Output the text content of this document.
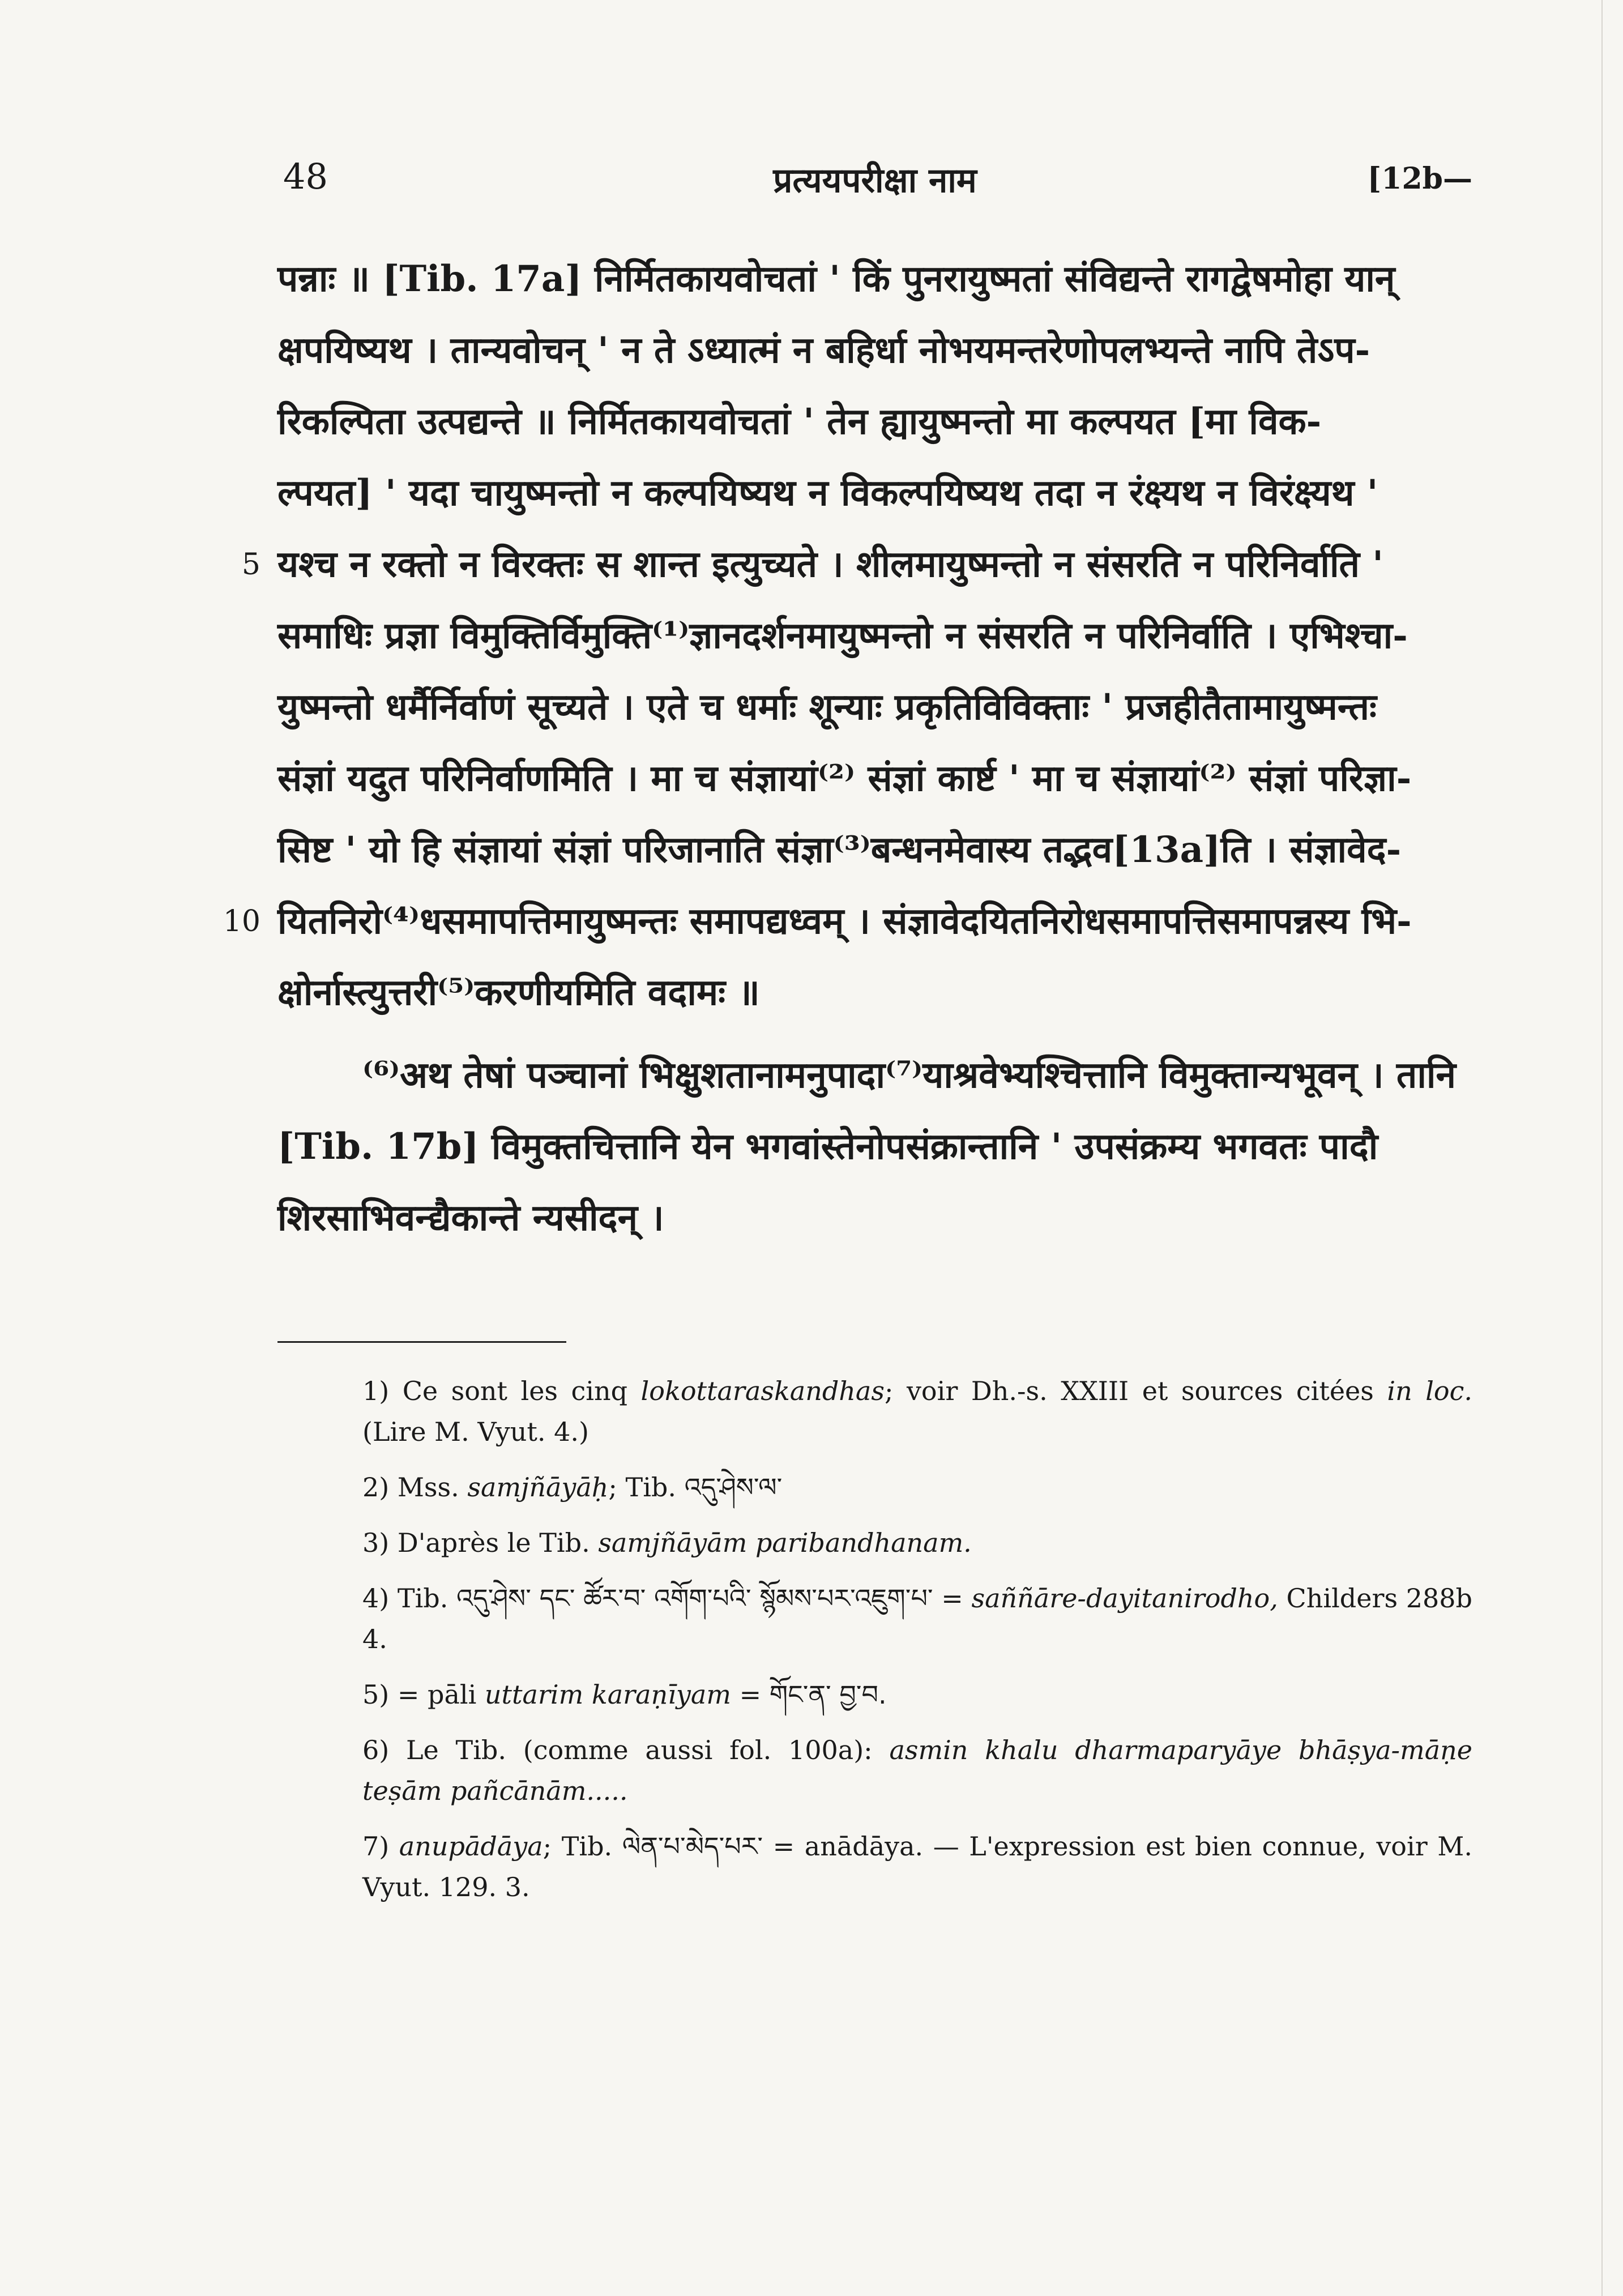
48	प्रत्ययपरीक्षा नाम	[12b—
पन्नाः ॥ [Tib. 17a] निर्मितकायवोचतां ' किं पुनरायुष्मतां संविद्यन्ते रागद्वेषमोहा यान्
क्षपयिष्यथ । तान्यवोचन् ' न ते ऽध्यात्मं न बहिर्धा नोभयमन्तरेणोपलभ्यन्ते नापि तेऽप-
रिकल्पिता उत्पद्यन्ते ॥ निर्मितकायवोचतां ' तेन ह्यायुष्मन्तो मा कल्पयत [मा विक-
ल्पयत] ' यदा चायुष्मन्तो न कल्पयिष्यथ न विकल्पयिष्यथ तदा न रंक्ष्यथ न विरंक्ष्यथ '
5 यश्च न रक्तो न विरक्तः स शान्त इत्युच्यते । शीलमायुष्मन्तो न संसरति न परिनिर्वाति '
समाधिः प्रज्ञा विमुक्तिर्विमुक्ति⁽¹⁾ज्ञानदर्शनमायुष्मन्तो न संसरति न परिनिर्वाति । एभिश्चा-
युष्मन्तो धर्मैर्निर्वाणं सूच्यते । एते च धर्माः शून्याः प्रकृतिविविक्ताः ' प्रजहीतैतामायुष्मन्तः
संज्ञां यदुत परिनिर्वाणमिति । मा च संज्ञायां⁽²⁾ संज्ञां कार्ष्ट ' मा च संज्ञायां⁽²⁾ संज्ञां परिज्ञा-
सिष्ट ' यो हि संज्ञायां संज्ञां परिजानाति संज्ञा⁽³⁾बन्धनमेवास्य तद्भव[13a]ति । संज्ञावेद-
10 यितनिरो⁽⁴⁾धसमापत्तिमायुष्मन्तः समापद्यध्वम् । संज्ञावेदयितनिरोधसमापत्तिसमापन्नस्य भि-
क्षोर्नास्त्युत्तरी⁽⁵⁾करणीयमिति वदामः ॥
⁽⁶⁾अथ तेषां पञ्चानां भिक्षुशतानामनुपादा⁽⁷⁾याश्रवेभ्यश्चित्तानि विमुक्तान्यभूवन् । तानि
[Tib. 17b] विमुक्तचित्तानि येन भगवांस्तेनोपसंक्रान्तानि ' उपसंक्रम्य भगवतः पादौ
शिरसाभिवन्द्यैकान्ते न्यसीदन् ।

1) Ce sont les cinq lokottaraskandhas; voir Dh.-s. XXIII et sources citées in loc. (Lire M. Vyut. 4.)

2) Mss. samjñāyāḥ; Tib. འདུ་ཤེས་ལ་

3) D'après le Tib. samjñāyām paribandhanam.

4) Tib. འདུ་ཤེས་ དང་ ཚོར་བ་ འགོག་པའི་ སྙོམས་པར་འཇུག་པ་ = saññāre-dayitanirodho, Childers 288b 4.

5) = pāli uttarim karaṇīyam = གོང་ན་ བྱ་བ.

6) Le Tib. (comme aussi fol. 100a): asmin khalu dharmaparyāye bhāṣya-māṇe teṣām pañcānām.....

7) anupādāya; Tib. ལེན་པ་མེད་པར་ = anādāya. — L'expression est bien connue, voir M. Vyut. 129. 3.
